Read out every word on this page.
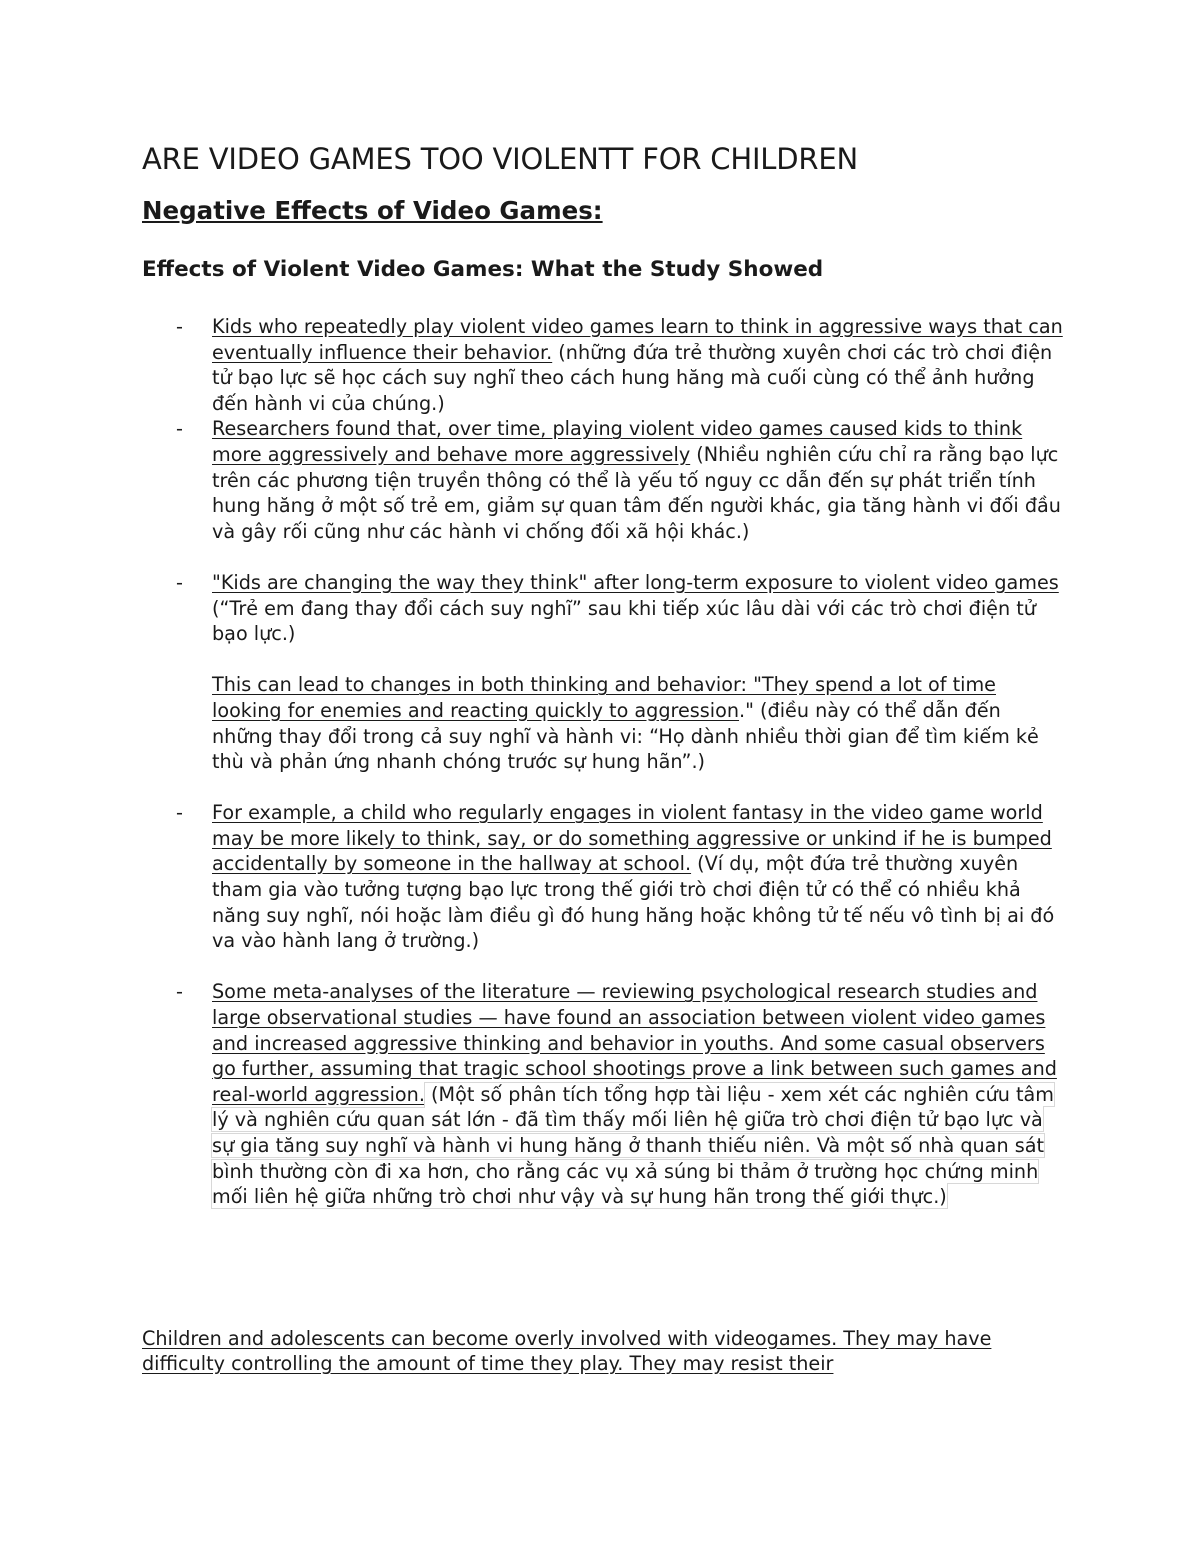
ARE VIDEO GAMES TOO VIOLENTT FOR CHILDREN
Negative Effects of Video Games:
Effects of Violent Video Games: What the Study Showed
- Kids who repeatedly play violent video games learn to think in aggressive ways that can eventually influence their behavior. (những đứa trẻ thường xuyên chơi các trò chơi điện tử bạo lực sẽ học cách suy nghĩ theo cách hung hăng mà cuối cùng có thể ảnh hưởng đến hành vi của chúng.)

- Researchers found that, over time, playing violent video games caused kids to think more aggressively and behave more aggressively (Nhiều nghiên cứu chỉ ra rằng bạo lực trên các phương tiện truyền thông có thể là yếu tố nguy cc dẫn đến sự phát triển tính hung hăng ở một số trẻ em, giảm sự quan tâm đến người khác, gia tăng hành vi đối đầu và gây rối cũng như các hành vi chống đối xã hội khác.)

- "Kids are changing the way they think" after long-term exposure to violent video games (“Trẻ em đang thay đổi cách suy nghĩ” sau khi tiếp xúc lâu dài với các trò chơi điện tử bạo lực.)

This can lead to changes in both thinking and behavior: "They spend a lot of time looking for enemies and reacting quickly to aggression." (điều này có thể dẫn đến những thay đổi trong cả suy nghĩ và hành vi: “Họ dành nhiều thời gian để tìm kiếm kẻ thù và phản ứng nhanh chóng trước sự hung hãn”.)

- For example, a child who regularly engages in violent fantasy in the video game world may be more likely to think, say, or do something aggressive or unkind if he is bumped accidentally by someone in the hallway at school. (Ví dụ, một đứa trẻ thường xuyên tham gia vào tưởng tượng bạo lực trong thế giới trò chơi điện tử có thể có nhiều khả năng suy nghĩ, nói hoặc làm điều gì đó hung hăng hoặc không tử tế nếu vô tình bị ai đó va vào hành lang ở trường.)

- Some meta-analyses of the literature — reviewing psychological research studies and large observational studies — have found an association between violent video games and increased aggressive thinking and behavior in youths. And some casual observers go further, assuming that tragic school shootings prove a link between such games and real-world aggression. (Một số phân tích tổng hợp tài liệu - xem xét các nghiên cứu tâm lý và nghiên cứu quan sát lớn - đã tìm thấy mối liên hệ giữa trò chơi điện tử bạo lực và sự gia tăng suy nghĩ và hành vi hung hăng ở thanh thiếu niên. Và một số nhà quan sát bình thường còn đi xa hơn, cho rằng các vụ xả súng bi thảm ở trường học chứng minh mối liên hệ giữa những trò chơi như vậy và sự hung hãn trong thế giới thực.)

Children and adolescents can become overly involved with videogames. They may have difficulty controlling the amount of time they play. They may resist their
